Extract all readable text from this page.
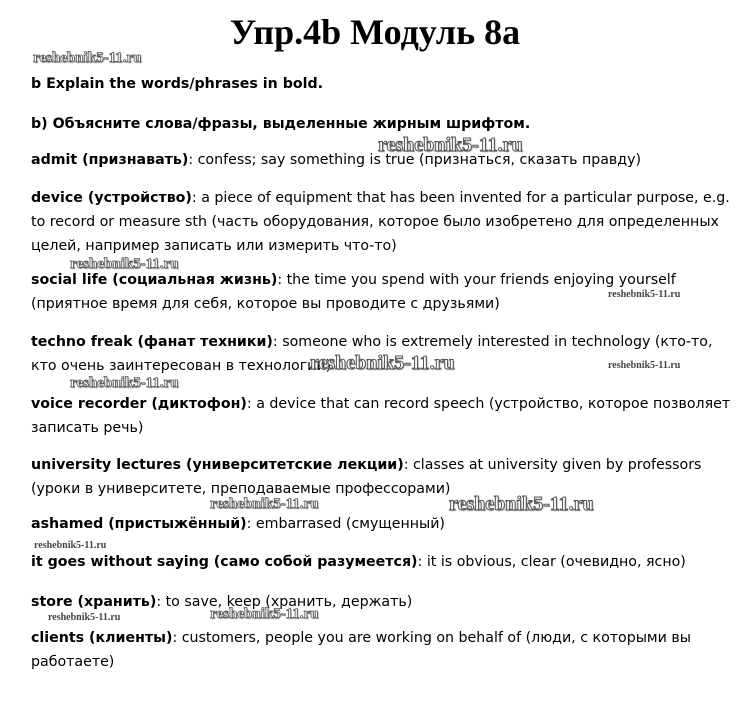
Упр.4b Модуль 8а
b Explain the words/phrases in bold.
b) Объясните слова/фразы, выделенные жирным шрифтом.
admit (признавать): confess; say something is true (признаться, сказать правду)
device (устройство): a piece of equipment that has been invented for a particular purpose, e.g. to record or measure sth (часть оборудования, которое было изобретено для определенных целей, например записать или измерить что-то)
social life (социальная жизнь): the time you spend with your friends enjoying yourself (приятное время для себя, которое вы проводите с друзьями)
techno freak (фанат техники): someone who is extremely interested in technology (кто-то, кто очень заинтересован в технологии)
voice recorder (диктофон): a device that can record speech (устройство, которое позволяет записать речь)
university lectures (университетские лекции): classes at university given by professors (уроки в университете, преподаваемые профессорами)
ashamed (пристыжённый): embarrased (смущенный)
it goes without saying (само собой разумеется): it is obvious, clear (очевидно, ясно)
store (хранить): to save, keep (хранить, держать)
clients (клиенты): customers, people you are working on behalf of (люди, с которыми вы работаете)
reshebnik5-11.ru
reshebnik5-11.ru
reshebnik5-11.ru
reshebnik5-11.ru
reshebnik5-11.ru	reshebnik5-11.ru
reshebnik5-11.ru
reshebnik5-11.ru	reshebnik5-11.ru
reshebnik5-11.ru
reshebnik5-11.ru	reshebnik5-11.ru
